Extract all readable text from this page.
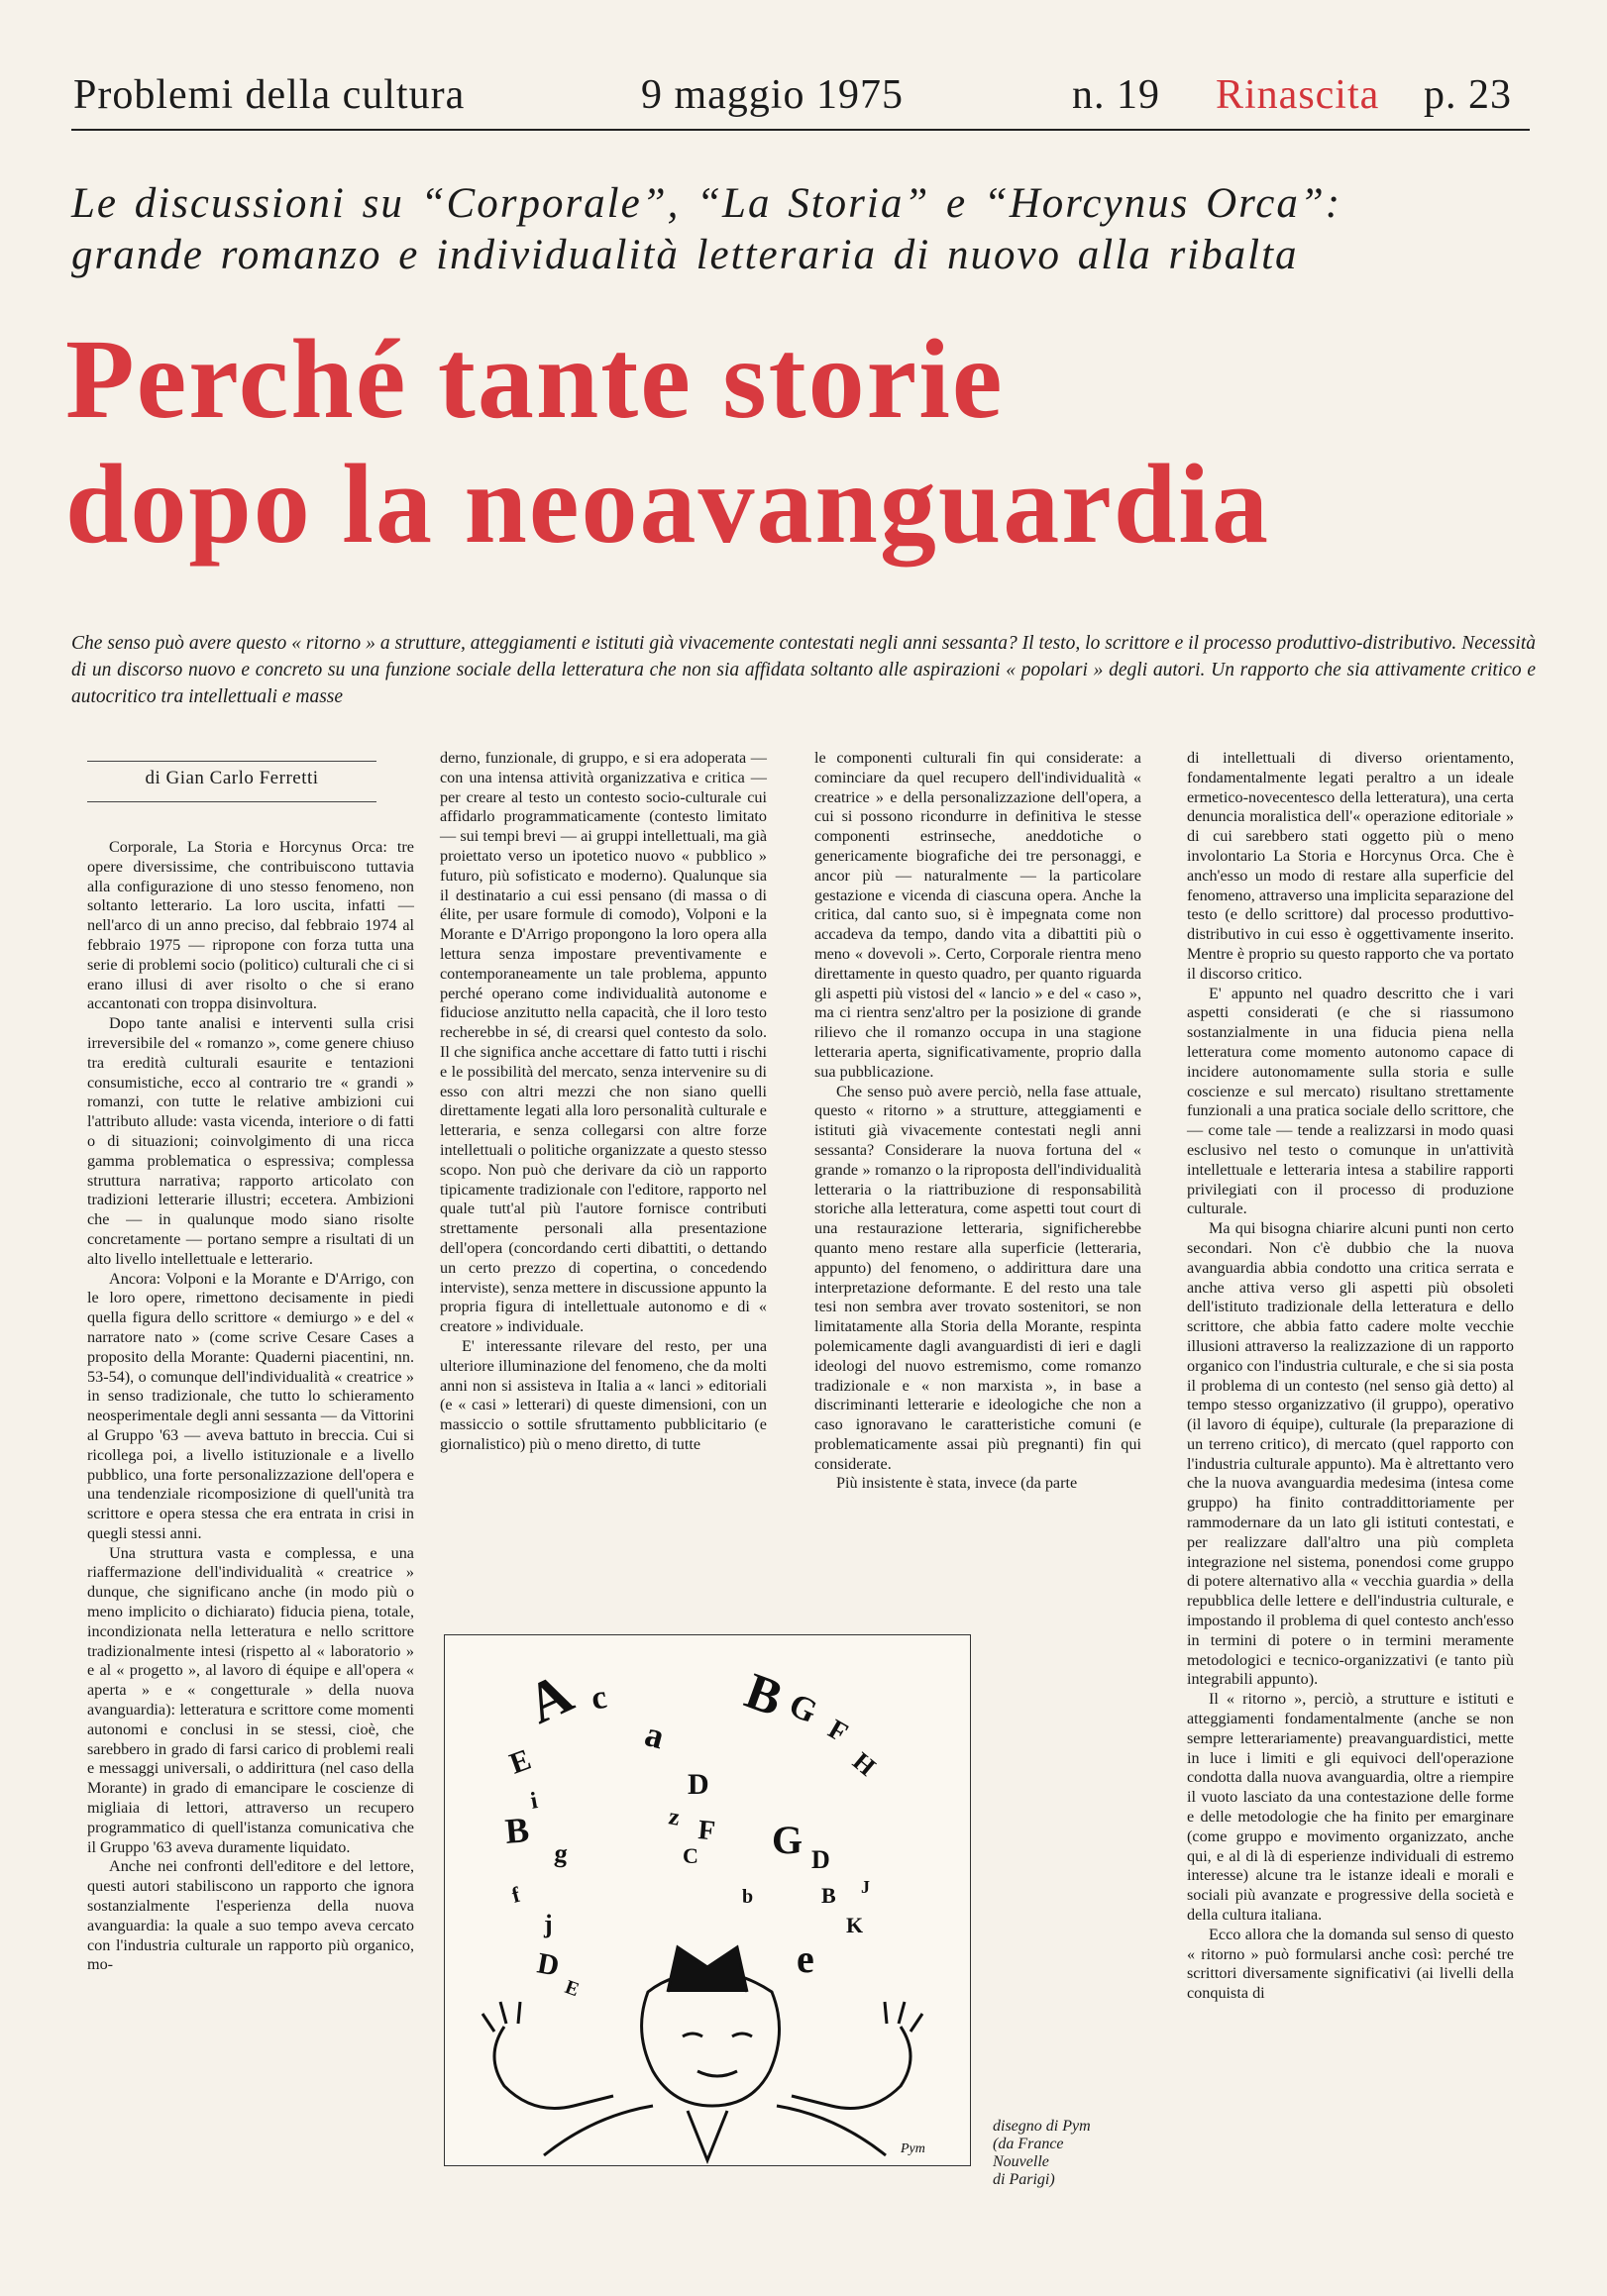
Problemi della cultura	9 maggio 1975	n. 19 Rinascita p. 23
Le discussioni su “Corporale”, “La Storia” e “Horcynus Orca”:
grande romanzo e individualità letteraria di nuovo alla ribalta
Perché tante storie
dopo la neoavanguardia
Che senso può avere questo « ritorno » a strutture, atteggiamenti e istituti già vivacemente contestati negli anni sessanta? Il testo, lo scrittore e il processo produttivo-distributivo. Necessità di un discorso nuovo e concreto su una funzione sociale della letteratura che non sia affidata soltanto alle aspirazioni « popolari » degli autori. Un rapporto che sia attivamente critico e autocritico tra intellettuali e masse
di Gian Carlo Ferretti

Corporale, La Storia e Horcynus Orca: tre opere diversissime, che contribuiscono tuttavia alla configurazione di uno stesso fenomeno, non soltanto letterario. La loro uscita, infatti — nell'arco di un anno preciso, dal febbraio 1974 al febbraio 1975 — ripropone con forza tutta una serie di problemi socio (politico) culturali che ci si erano illusi di aver risolto o che si erano accantonati con troppa disinvoltura.

Dopo tante analisi e interventi sulla crisi irreversibile del « romanzo », come genere chiuso tra eredità culturali esaurite e tentazioni consumistiche, ecco al contrario tre « grandi » romanzi, con tutte le relative ambizioni cui l'attributo allude: vasta vicenda, interiore o di fatti o di situazioni; coinvolgimento di una ricca gamma problematica o espressiva; complessa struttura narrativa; rapporto articolato con tradizioni letterarie illustri; eccetera. Ambizioni che — in qualunque modo siano risolte concretamente — portano sempre a risultati di un alto livello intellettuale e letterario.

Ancora: Volponi e la Morante e D'Arrigo, con le loro opere, rimettono decisamente in piedi quella figura dello scrittore « demiurgo » e del « narratore nato » (come scrive Cesare Cases a proposito della Morante: Quaderni piacentini, nn. 53-54), o comunque dell'individualità « creatrice » in senso tradizionale, che tutto lo schieramento neosperimentale degli anni sessanta — da Vittorini al Gruppo '63 — aveva battuto in breccia. Cui si ricollega poi, a livello istituzionale e a livello pubblico, una forte personalizzazione dell'opera e una tendenziale ricomposizione di quell'unità tra scrittore e opera stessa che era entrata in crisi in quegli stessi anni.

Una struttura vasta e complessa, e una riaffermazione dell'individualità « creatrice » dunque, che significano anche (in modo più o meno implicito o dichiarato) fiducia piena, totale, incondizionata nella letteratura e nello scrittore tradizionalmente intesi (rispetto al « laboratorio » e al « progetto », al lavoro di équipe e all'opera « aperta » e « congetturale » della nuova avanguardia): letteratura e scrittore come momenti autonomi e conclusi in se stessi, cioè, che sarebbero in grado di farsi carico di problemi reali e messaggi universali, o addirittura (nel caso della Morante) in grado di emancipare le coscienze di migliaia di lettori, attraverso un recupero programmatico di quell'istanza comunicativa che il Gruppo '63 aveva duramente liquidato.

Anche nei confronti dell'editore e del lettore, questi autori stabiliscono un rapporto che ignora sostanzialmente l'esperienza della nuova avanguardia: la quale a suo tempo aveva cercato con l'industria culturale un rapporto più organico, mo-

derno, funzionale, di gruppo, e si era adoperata — con una intensa attività organizzativa e critica — per creare al testo un contesto socio-culturale cui affidarlo programmaticamente (contesto limitato — sui tempi brevi — ai gruppi intellettuali, ma già proiettato verso un ipotetico nuovo « pubblico » futuro, più sofisticato e moderno). Qualunque sia il destinatario a cui essi pensano (di massa o di élite, per usare formule di comodo), Volponi e la Morante e D'Arrigo propongono la loro opera alla lettura senza impostare preventivamente e contemporaneamente un tale problema, appunto perché operano come individualità autonome e fiduciose anzitutto nella capacità, che il loro testo recherebbe in sé, di crearsi quel contesto da solo. Il che significa anche accettare di fatto tutti i rischi e le possibilità del mercato, senza intervenire su di esso con altri mezzi che non siano quelli direttamente legati alla loro personalità culturale e letteraria, e senza collegarsi con altre forze intellettuali o politiche organizzate a questo stesso scopo. Non può che derivare da ciò un rapporto tipicamente tradizionale con l'editore, rapporto nel quale tutt'al più l'autore fornisce contributi strettamente personali alla presentazione dell'opera (concordando certi dibattiti, o dettando un certo prezzo di copertina, o concedendo interviste), senza mettere in discussione appunto la propria figura di intellettuale autonomo e di « creatore » individuale.

E' interessante rilevare del resto, per una ulteriore illuminazione del fenomeno, che da molti anni non si assisteva in Italia a « lanci » editoriali (e « casi » letterari) di queste dimensioni, con un massiccio o sottile sfruttamento pubblicitario (e giornalistico) più o meno diretto, di tutte

le componenti culturali fin qui considerate: a cominciare da quel recupero dell'individualità « creatrice » e della personalizzazione dell'opera, a cui si possono ricondurre in definitiva le stesse componenti estrinseche, aneddotiche o genericamente biografiche dei tre personaggi, e ancor più — naturalmente — la particolare gestazione e vicenda di ciascuna opera. Anche la critica, dal canto suo, si è impegnata come non accadeva da tempo, dando vita a dibattiti più o meno « dovevoli ». Certo, Corporale rientra meno direttamente in questo quadro, per quanto riguarda gli aspetti più vistosi del « lancio » e del « caso », ma ci rientra senz'altro per la posizione di grande rilievo che il romanzo occupa in una stagione letteraria aperta, significativamente, proprio dalla sua pubblicazione.

Che senso può avere perciò, nella fase attuale, questo « ritorno » a strutture, atteggiamenti e istituti già vivacemente contestati negli anni sessanta? Considerare la nuova fortuna del « grande » romanzo o la riproposta dell'individualità letteraria o la riattribuzione di responsabilità storiche alla letteratura, come aspetti tout court di una restaurazione letteraria, significherebbe quanto meno restare alla superficie (letteraria, appunto) del fenomeno, o addirittura dare una interpretazione deformante. E del resto una tale tesi non sembra aver trovato sostenitori, se non limitatamente alla Storia della Morante, respinta polemicamente dagli avanguardisti di ieri e dagli ideologi del nuovo estremismo, come romanzo tradizionale e « non marxista », in base a discriminanti letterarie e ideologiche che non a caso ignoravano le caratteristiche comuni (e problematicamente assai più pregnanti) fin qui considerate.

Più insistente è stata, invece (da parte

di intellettuali di diverso orientamento, fondamentalmente legati peraltro a un ideale ermetico-novecentesco della letteratura), una certa denuncia moralistica dell'« operazione editoriale » di cui sarebbero stati oggetto più o meno involontario La Storia e Horcynus Orca. Che è anch'esso un modo di restare alla superficie del fenomeno, attraverso una implicita separazione del testo (e dello scrittore) dal processo produttivo-distributivo in cui esso è oggettivamente inserito. Mentre è proprio su questo rapporto che va portato il discorso critico.

E' appunto nel quadro descritto che i vari aspetti considerati (e che si riassumono sostanzialmente in una fiducia piena nella letteratura come momento autonomo capace di incidere autonomamente sulla storia e sulle coscienze e sul mercato) risultano strettamente funzionali a una pratica sociale dello scrittore, che — come tale — tende a realizzarsi in modo quasi esclusivo nel testo o comunque in un'attività intellettuale e letteraria intesa a stabilire rapporti privilegiati con il processo di produzione culturale.

Ma qui bisogna chiarire alcuni punti non certo secondari. Non c'è dubbio che la nuova avanguardia abbia condotto una critica serrata e anche attiva verso gli aspetti più obsoleti dell'istituto tradizionale della letteratura e dello scrittore, che abbia fatto cadere molte vecchie illusioni attraverso la realizzazione di un rapporto organico con l'industria culturale, e che si sia posta il problema di un contesto (nel senso già detto) al tempo stesso organizzativo (il gruppo), operativo (il lavoro di équipe), culturale (la preparazione di un terreno critico), di mercato (quel rapporto con l'industria culturale appunto). Ma è altrettanto vero che la nuova avanguardia medesima (intesa come gruppo) ha finito contraddittoriamente per rammodernare da un lato gli istituti contestati, e per realizzare dall'altro una più completa integrazione nel sistema, ponendosi come gruppo di potere alternativo alla « vecchia guardia » della repubblica delle lettere e dell'industria culturale, e impostando il problema di quel contesto anch'esso in termini di potere o in termini meramente metodologici e tecnico-organizzativi (e tanto più integrabili appunto).

Il « ritorno », perciò, a strutture e istituti e atteggiamenti fondamentalmente (anche se non sempre letterariamente) preavanguardistici, mette in luce i limiti e gli equivoci dell'operazione condotta dalla nuova avanguardia, oltre a riempire il vuoto lasciato da una contestazione delle forme e delle metodologie che ha finito per emarginare (come gruppo e movimento organizzato, anche qui, e al di là di esperienze individuali di estremo interesse) alcune tra le istanze ideali e morali e sociali più avanzate e progressive della società e della cultura italiana.

Ecco allora che la domanda sul senso di questo « ritorno » può formularsi anche così: perché tre scrittori diversamente significativi (ai livelli della conquista di

A c
a
B
G
F
H
D
E
i
B
g
f
j
D
E
z
C
F G D
B J
K
e
b
Pym
disegno di Pym
(da France
Nouvelle
di Parigi)
